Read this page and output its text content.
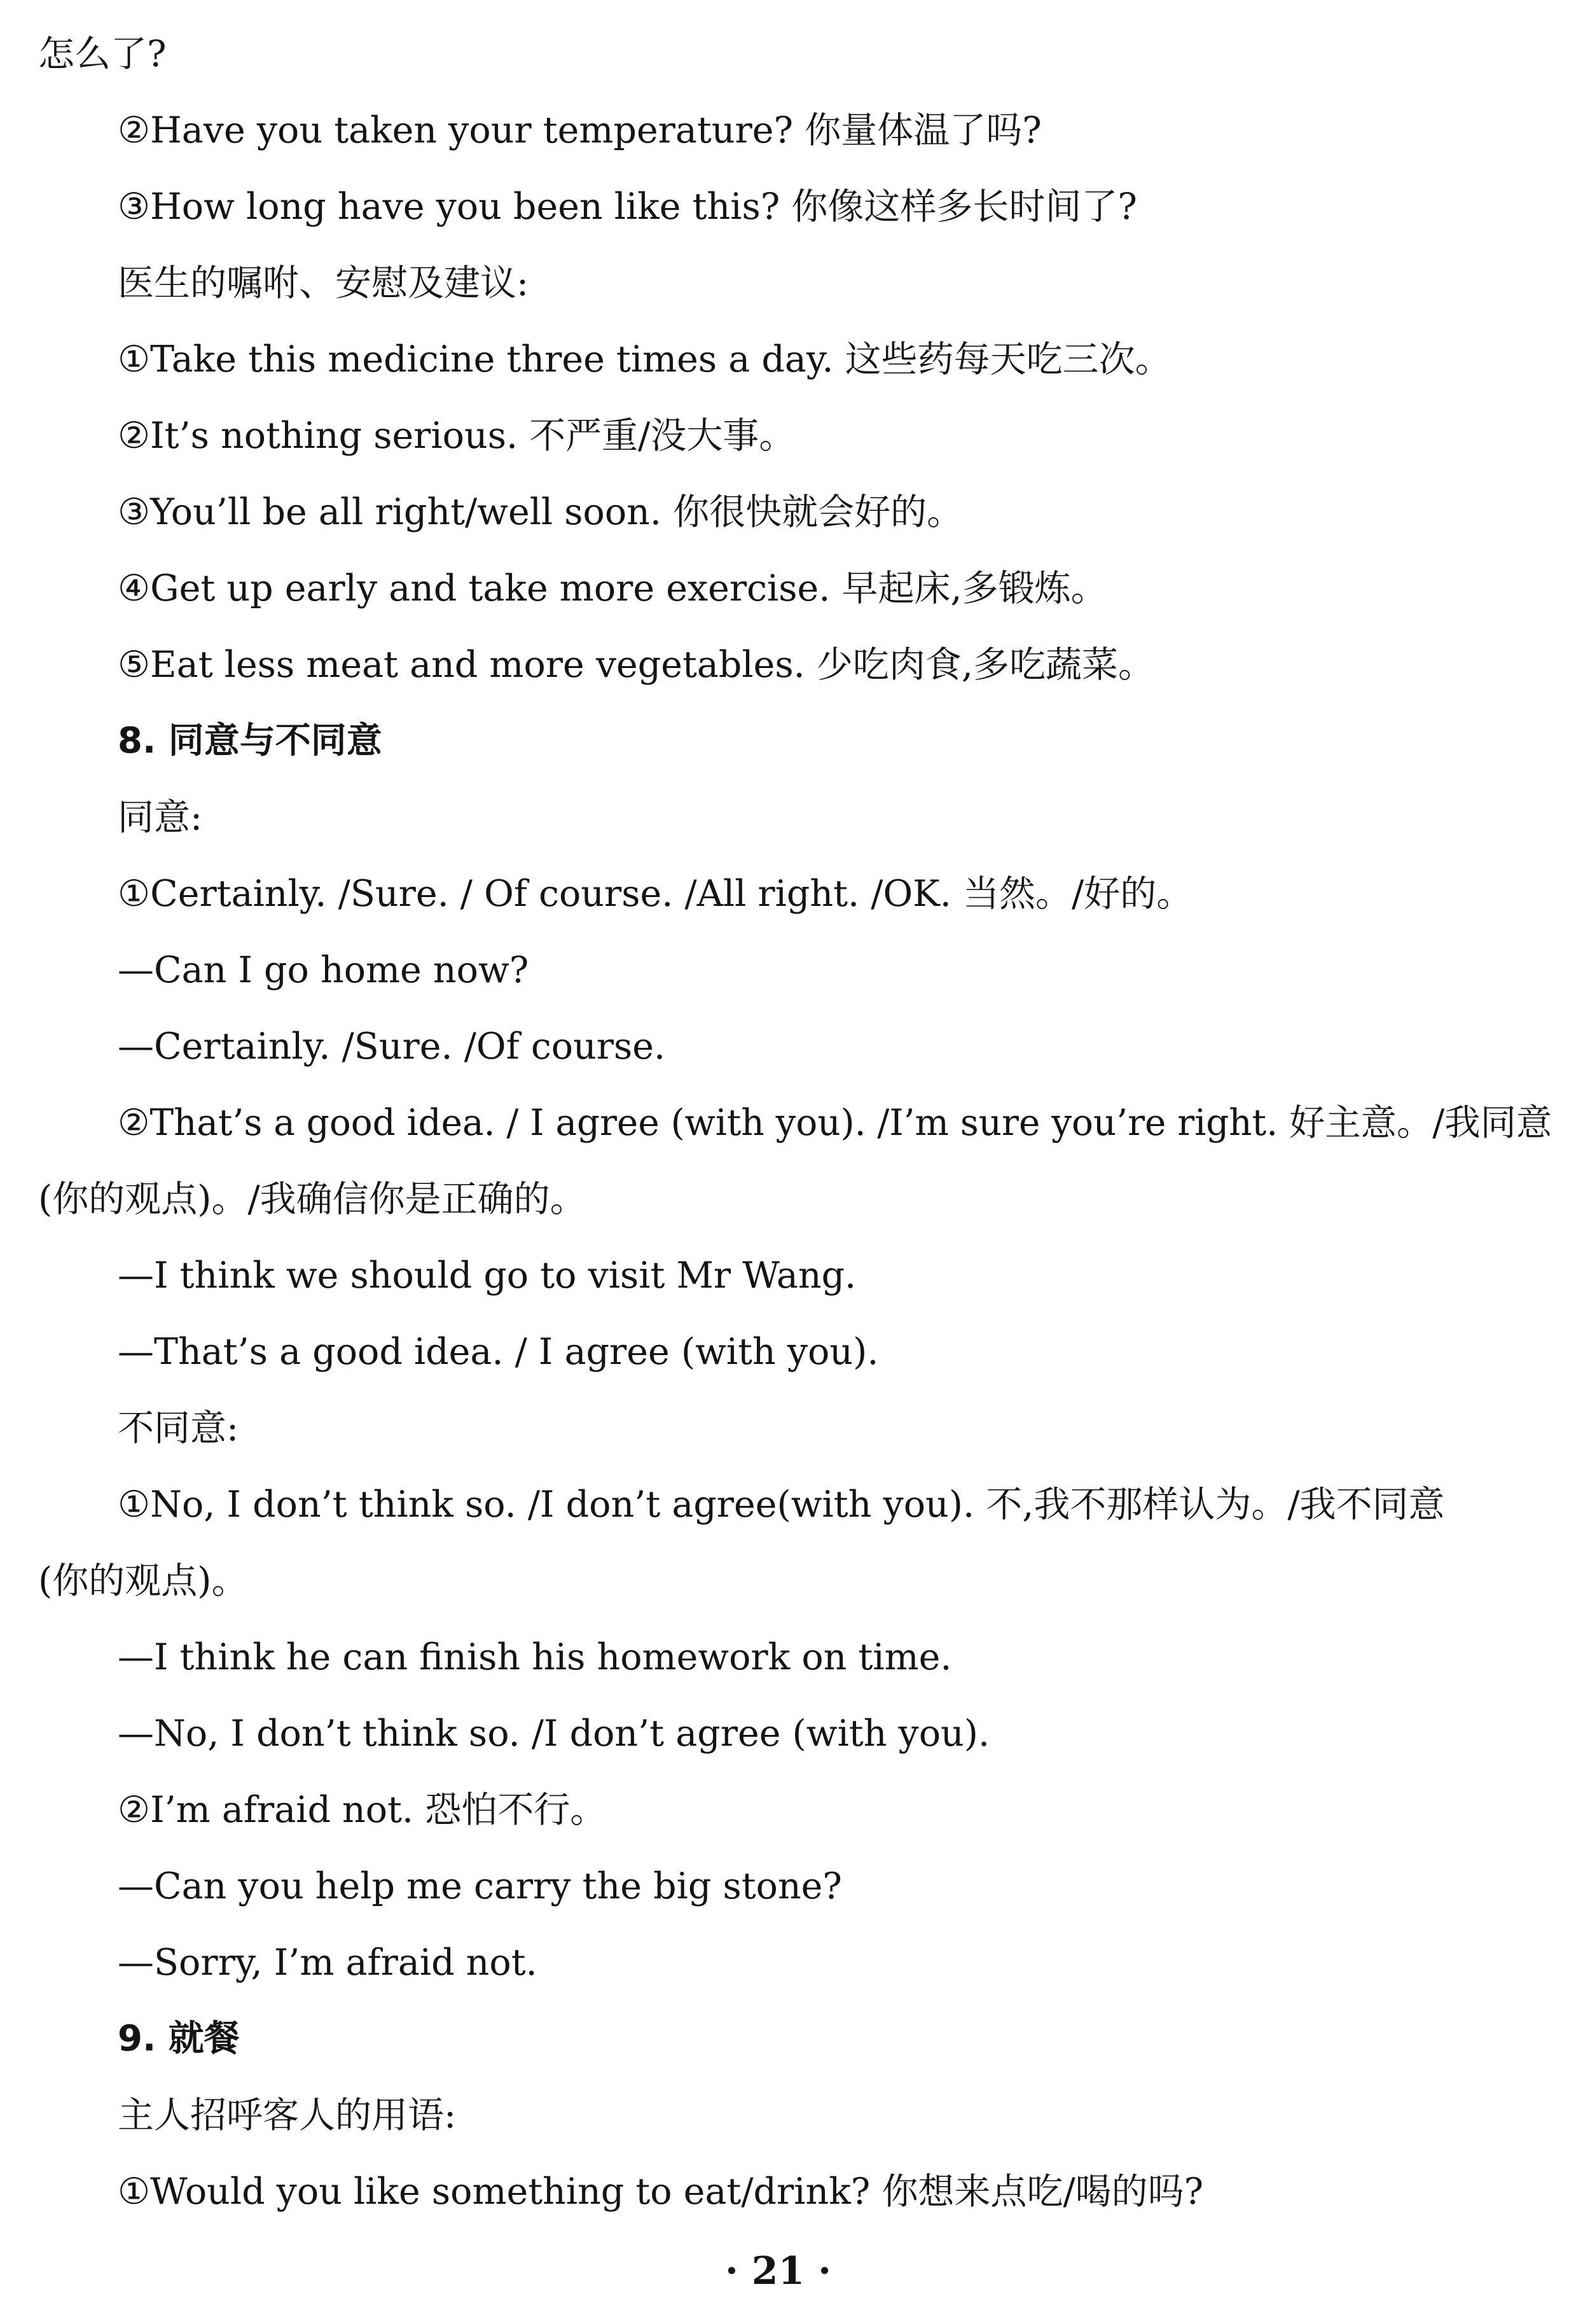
怎么了?
②Have you taken your temperature? 你量体温了吗?
③How long have you been like this? 你像这样多长时间了?
医生的嘱咐、安慰及建议:
①Take this medicine three times a day. 这些药每天吃三次。
②It’s nothing serious. 不严重/没大事。
③You’ll be all right/well soon. 你很快就会好的。
④Get up early and take more exercise. 早起床,多锻炼。
⑤Eat less meat and more vegetables. 少吃肉食,多吃蔬菜。
8. 同意与不同意
同意:
①Certainly. /Sure. / Of course. /All right. /OK. 当然。/好的。
—Can I go home now?
—Certainly. /Sure. /Of course.
②That’s a good idea. / I agree (with you). /I’m sure you’re right. 好主意。/我同意
(你的观点)。/我确信你是正确的。
—I think we should go to visit Mr Wang.
—That’s a good idea. / I agree (with you).
不同意:
①No, I don’t think so. /I don’t agree(with you). 不,我不那样认为。/我不同意
(你的观点)。
—I think he can finish his homework on time.
—No, I don’t think so. /I don’t agree (with you).
②I’m afraid not. 恐怕不行。
—Can you help me carry the big stone?
—Sorry, I’m afraid not.
9. 就餐
主人招呼客人的用语:
①Would you like something to eat/drink? 你想来点吃/喝的吗?
· 21 ·
